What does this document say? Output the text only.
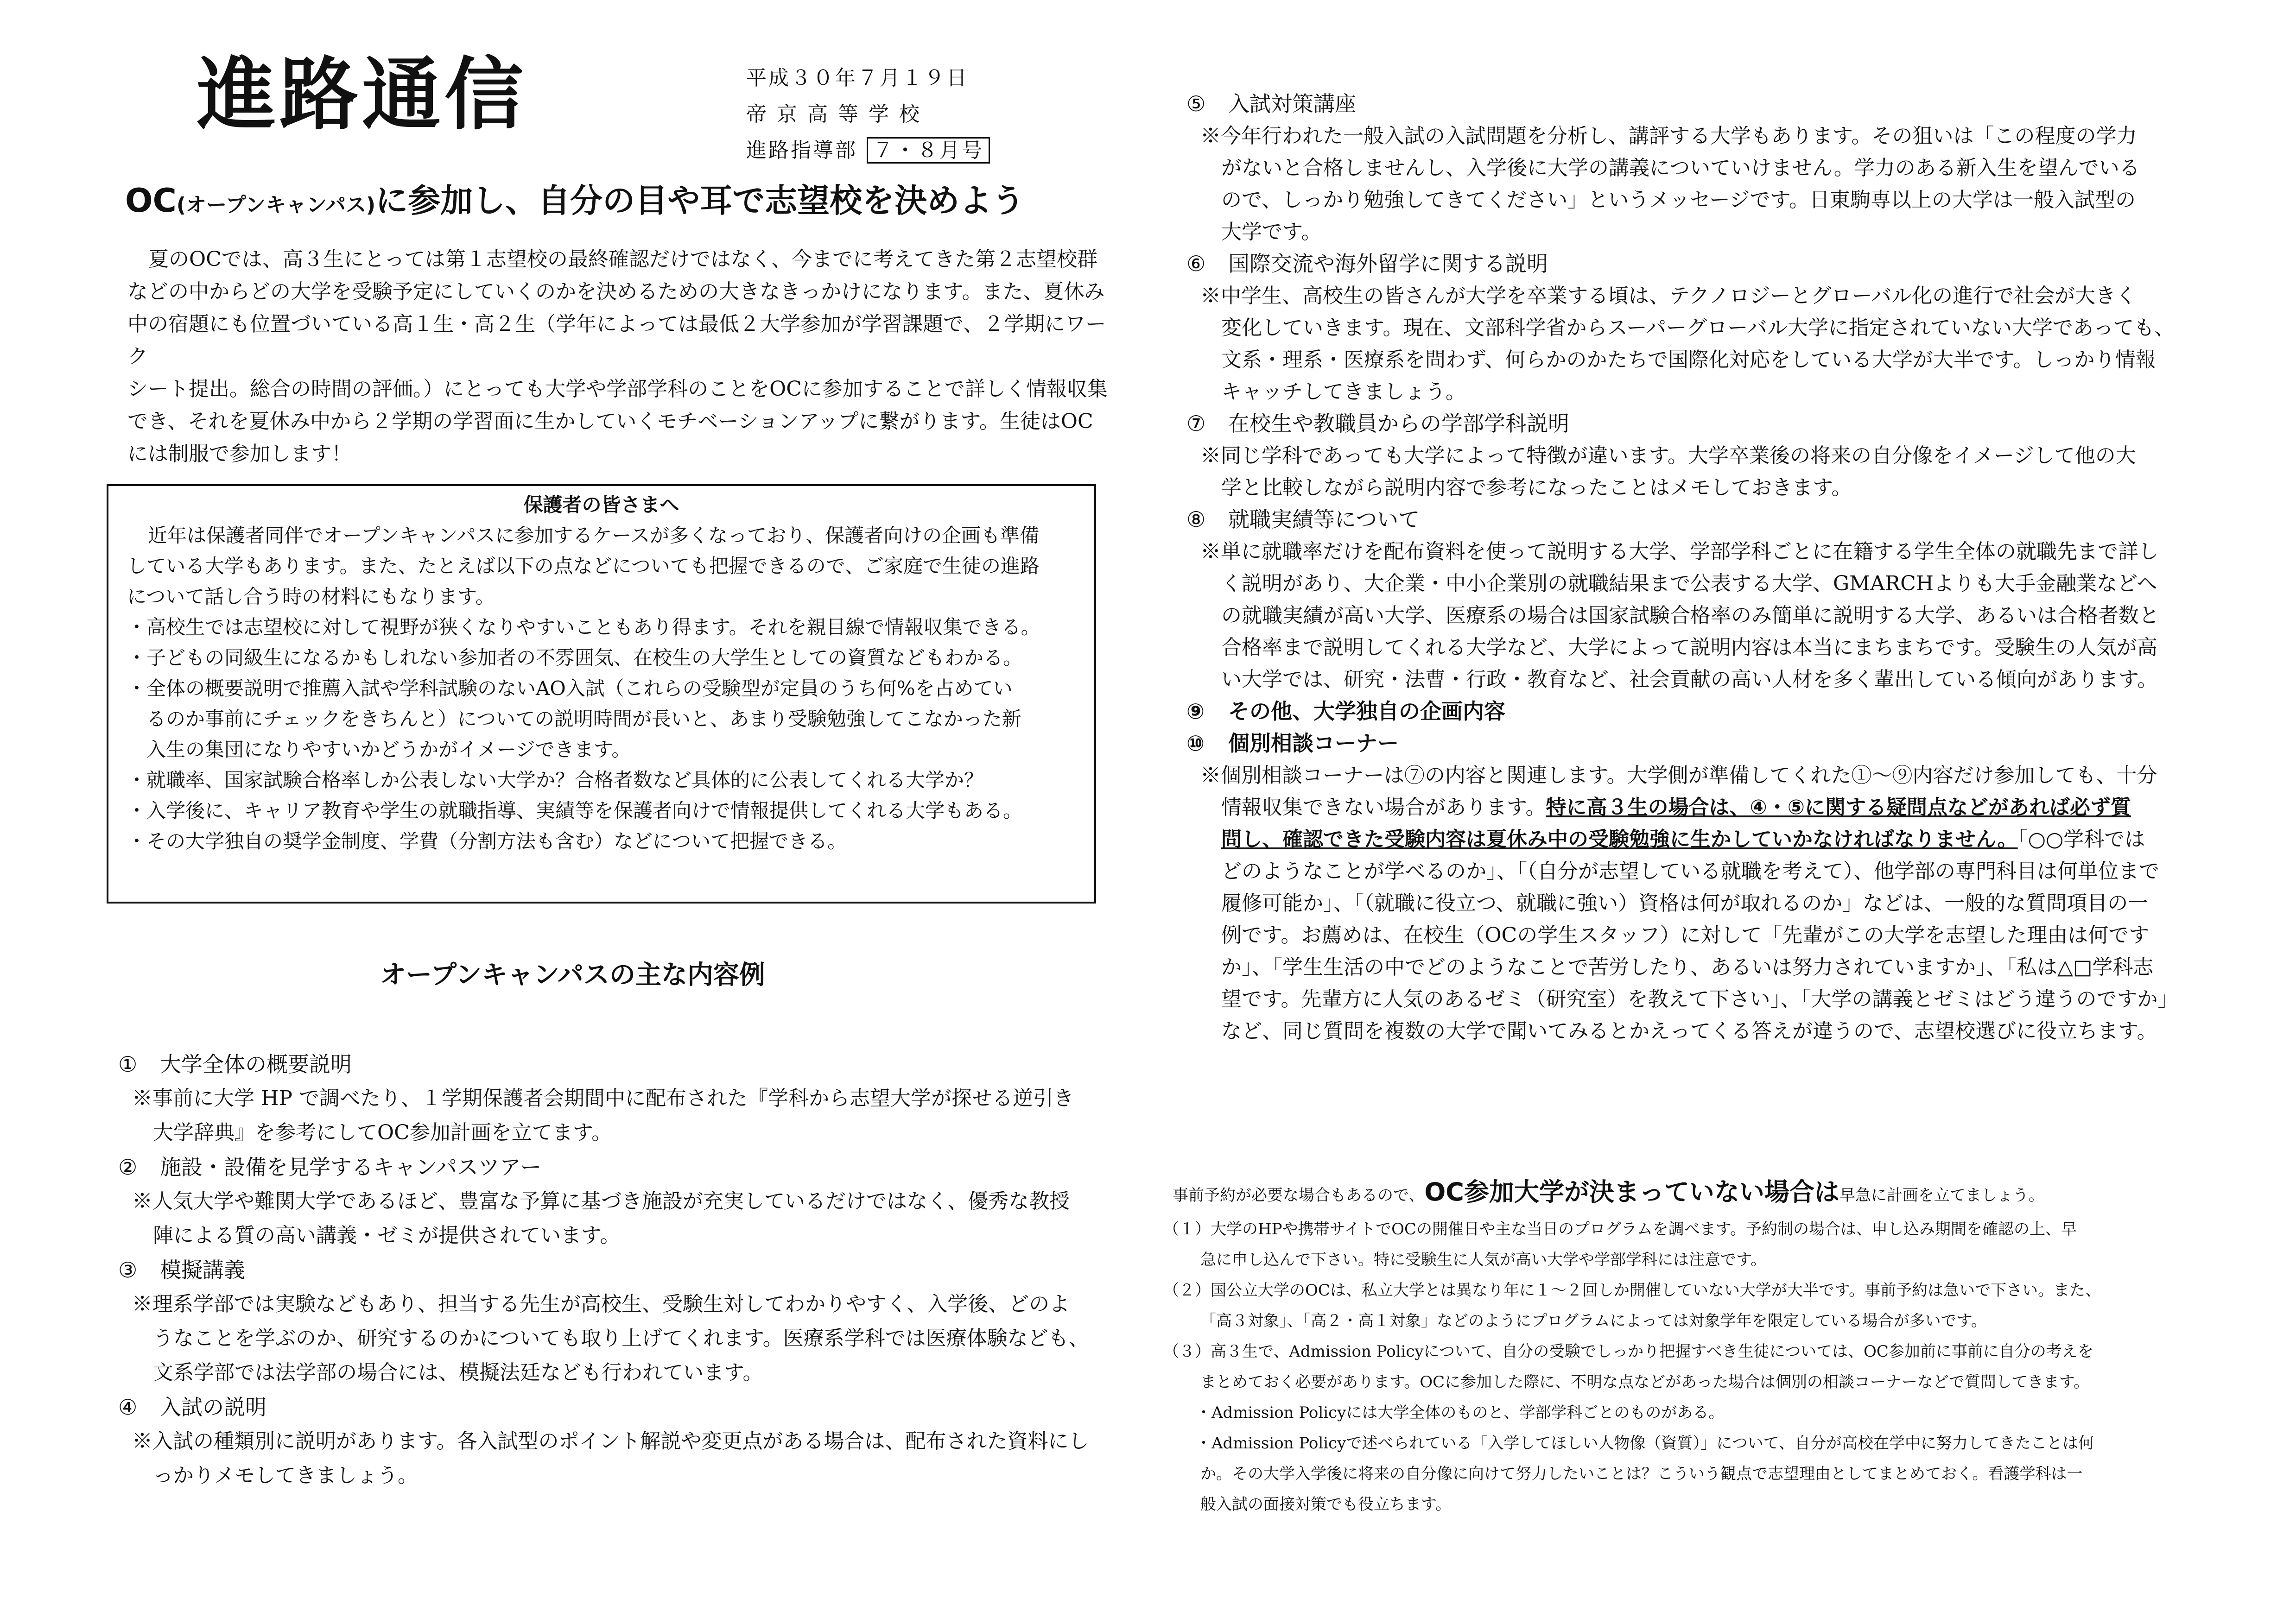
進路通信	平成３０年７月１９日
帝 京 高 等 学 校
進路指導部 ７・８月号
OC(オープンキャンパス)に参加し、自分の目や耳で志望校を決めよう

夏のOCでは、高３生にとっては第１志望校の最終確認だけではなく、今までに考えてきた第２志望校群

などの中からどの大学を受験予定にしていくのかを決めるための大きなきっかけになります。また、夏休み

中の宿題にも位置づいている高１生・高２生（学年によっては最低２大学参加が学習課題で、２学期にワーク

シート提出。総合の時間の評価。）にとっても大学や学部学科のことをOCに参加することで詳しく情報収集

でき、それを夏休み中から２学期の学習面に生かしていくモチベーションアップに繋がります。生徒はOC

には制服で参加します！

保護者の皆さまへ

近年は保護者同伴でオープンキャンパスに参加するケースが多くなっており、保護者向けの企画も準備

している大学もあります。また、たとえば以下の点などについても把握できるので、ご家庭で生徒の進路

について話し合う時の材料にもなります。

・高校生では志望校に対して視野が狭くなりやすいこともあり得ます。それを親目線で情報収集できる。
・子どもの同級生になるかもしれない参加者の不雰囲気、在校生の大学生としての資質などもわかる。
・全体の概要説明で推薦入試や学科試験のないAO入試（これらの受験型が定員のうち何%を占めてい
　るのか事前にチェックをきちんと）についての説明時間が長いと、あまり受験勉強してこなかった新
　入生の集団になりやすいかどうかがイメージできます。
・就職率、国家試験合格率しか公表しない大学か？合格者数など具体的に公表してくれる大学か？
・入学後に、キャリア教育や学生の就職指導、実績等を保護者向けで情報提供してくれる大学もある。
・その大学独自の奨学金制度、学費（分割方法も含む）などについて把握できる。
オープンキャンパスの主な内容例
① 大学全体の概要説明

※事前に大学 HP で調べたり、１学期保護者会期間中に配布された『学科から志望大学が探せる逆引き

大学辞典』を参考にしてOC参加計画を立てます。

② 施設・設備を見学するキャンパスツアー

※人気大学や難関大学であるほど、豊富な予算に基づき施設が充実しているだけではなく、優秀な教授

陣による質の高い講義・ゼミが提供されています。

③ 模擬講義

※理系学部では実験などもあり、担当する先生が高校生、受験生対してわかりやすく、入学後、どのよ

うなことを学ぶのか、研究するのかについても取り上げてくれます。医療系学科では医療体験なども、

文系学部では法学部の場合には、模擬法廷なども行われています。

④ 入試の説明

※入試の種類別に説明があります。各入試型のポイント解説や変更点がある場合は、配布された資料にし

っかりメモしてきましょう。

⑤ 入試対策講座

※今年行われた一般入試の入試問題を分析し、講評する大学もあります。その狙いは「この程度の学力

がないと合格しませんし、入学後に大学の講義についていけません。学力のある新入生を望んでいる

ので、しっかり勉強してきてください」というメッセージです。日東駒専以上の大学は一般入試型の

大学です。

⑥ 国際交流や海外留学に関する説明

※中学生、高校生の皆さんが大学を卒業する頃は、テクノロジーとグローバル化の進行で社会が大きく

変化していきます。現在、文部科学省からスーパーグローバル大学に指定されていない大学であっても、

文系・理系・医療系を問わず、何らかのかたちで国際化対応をしている大学が大半です。しっかり情報

キャッチしてきましょう。

⑦ 在校生や教職員からの学部学科説明

※同じ学科であっても大学によって特徴が違います。大学卒業後の将来の自分像をイメージして他の大

学と比較しながら説明内容で参考になったことはメモしておきます。

⑧ 就職実績等について

※単に就職率だけを配布資料を使って説明する大学、学部学科ごとに在籍する学生全体の就職先まで詳し

く説明があり、大企業・中小企業別の就職結果まで公表する大学、GMARCHよりも大手金融業などへ

の就職実績が高い大学、医療系の場合は国家試験合格率のみ簡単に説明する大学、あるいは合格者数と

合格率まで説明してくれる大学など、大学によって説明内容は本当にまちまちです。受験生の人気が高

い大学では、研究・法曹・行政・教育など、社会貢献の高い人材を多く輩出している傾向があります。

⑨ その他、大学独自の企画内容
⑩ 個別相談コーナー

※個別相談コーナーは⑦の内容と関連します。大学側が準備してくれた①～⑨内容だけ参加しても、十分

情報収集できない場合があります。特に高３生の場合は、④・⑤に関する疑問点などがあれば必ず質

問し、確認できた受験内容は夏休み中の受験勉強に生かしていかなければなりません。「○○学科では

どのようなことが学べるのか」、「（自分が志望している就職を考えて）、他学部の専門科目は何単位まで

履修可能か」、「（就職に役立つ、就職に強い）資格は何が取れるのか」などは、一般的な質問項目の一

例です。お薦めは、在校生（OCの学生スタッフ）に対して「先輩がこの大学を志望した理由は何です

か」、「学生生活の中でどのようなことで苦労したり、あるいは努力されていますか」、「私は△□学科志

望です。先輩方に人気のあるゼミ（研究室）を教えて下さい」、「大学の講義とゼミはどう違うのですか」

など、同じ質問を複数の大学で聞いてみるとかえってくる答えが違うので、志望校選びに役立ちます。

事前予約が必要な場合もあるので、OC参加大学が決まっていない場合は早急に計画を立てましょう。

（１）大学のHPや携帯サイトでOCの開催日や主な当日のプログラムを調べます。予約制の場合は、申し込み期間を確認の上、早

急に申し込んで下さい。特に受験生に人気が高い大学や学部学科には注意です。

（２）国公立大学のOCは、私立大学とは異なり年に１～２回しか開催していない大学が大半です。事前予約は急いで下さい。また、

「高３対象」、「高２・高１対象」などのようにプログラムによっては対象学年を限定している場合が多いです。

（３）高３生で、Admission Policyについて、自分の受験でしっかり把握すべき生徒については、OC参加前に事前に自分の考えを

まとめておく必要があります。OCに参加した際に、不明な点などがあった場合は個別の相談コーナーなどで質問してきます。

・Admission Policyには大学全体のものと、学部学科ごとのものがある。

・Admission Policyで述べられている「入学してほしい人物像（資質）」について、自分が高校在学中に努力してきたことは何

か。その大学入学後に将来の自分像に向けて努力したいことは？こういう観点で志望理由としてまとめておく。看護学科は一

般入試の面接対策でも役立ちます。
